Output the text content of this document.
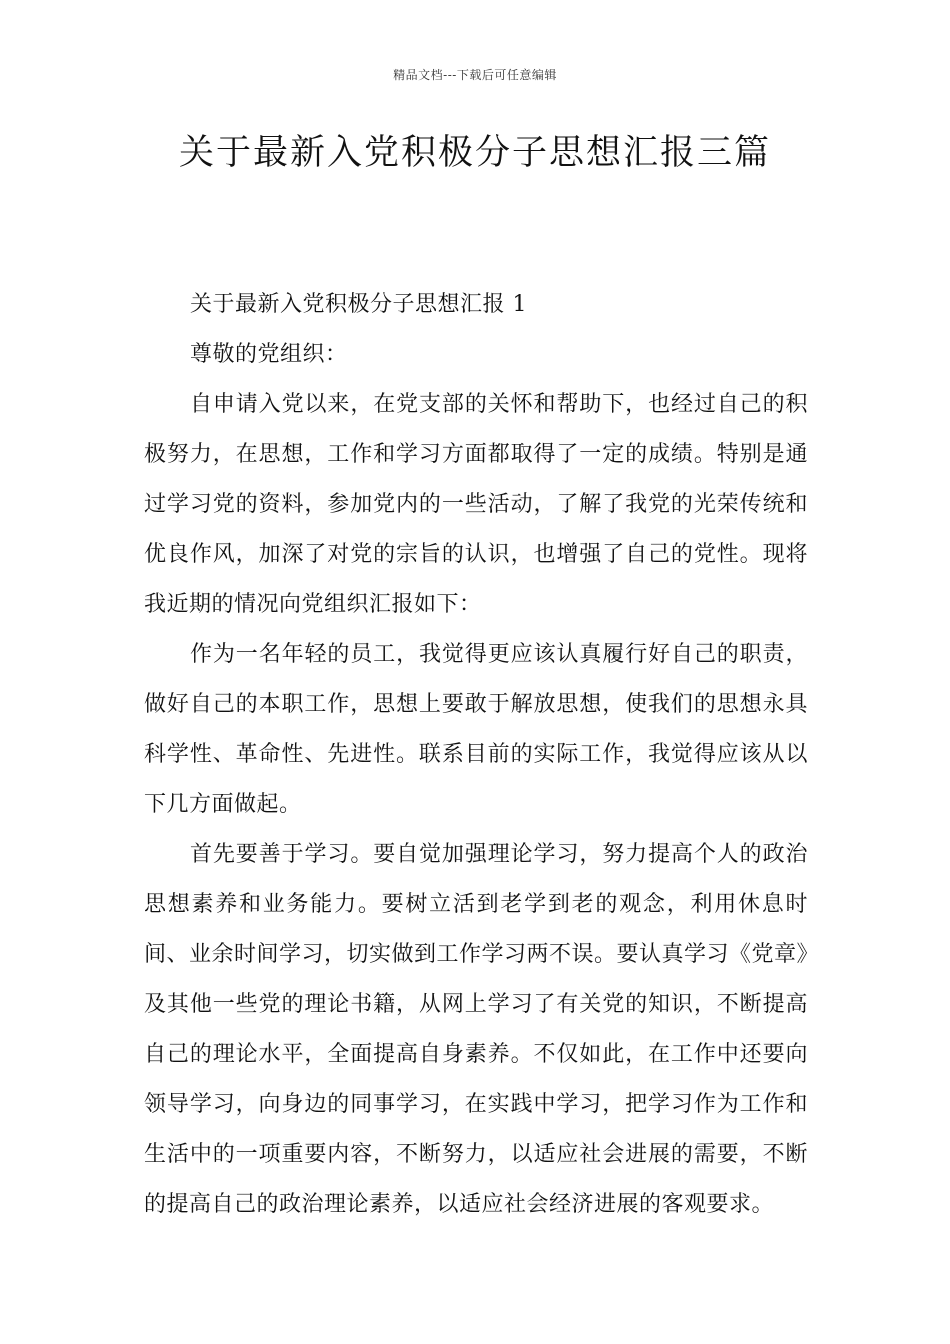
精品文档---下载后可任意编辑
关于最新入党积极分子思想汇报三篇

关于最新入党积极分子思想汇报 1

尊敬的党组织：

自申请入党以来，在党支部的关怀和帮助下，也经过自己的积极努力，在思想，工作和学习方面都取得了一定的成绩。特别是通过学习党的资料，参加党内的一些活动，了解了我党的光荣传统和优良作风，加深了对党的宗旨的认识，也增强了自己的党性。现将我近期的情况向党组织汇报如下：

作为一名年轻的员工，我觉得更应该认真履行好自己的职责，做好自己的本职工作，思想上要敢于解放思想，使我们的思想永具科学性、革命性、先进性。联系目前的实际工作，我觉得应该从以下几方面做起。

首先要善于学习。要自觉加强理论学习，努力提高个人的政治思想素养和业务能力。要树立活到老学到老的观念，利用休息时间、业余时间学习，切实做到工作学习两不误。要认真学习《党章》及其他一些党的理论书籍，从网上学习了有关党的知识，不断提高自己的理论水平，全面提高自身素养。不仅如此，在工作中还要向领导学习，向身边的同事学习，在实践中学习，把学习作为工作和生活中的一项重要内容，不断努力，以适应社会进展的需要，不断的提高自己的政治理论素养，以适应社会经济进展的客观要求。
